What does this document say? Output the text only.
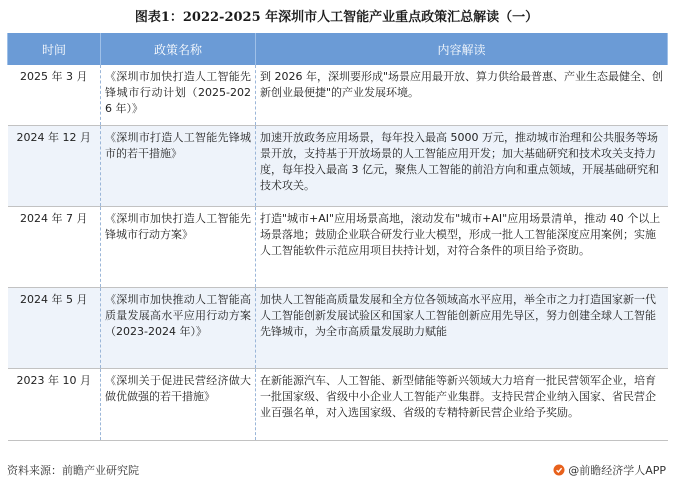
图表1：2022-2025 年深圳市人工智能产业重点政策汇总解读（一）
时间	政策名称	内容解读
2025 年 3 月	《深圳市加快打造人工智能先锋城市行动计划（2025-2026 年）》	到 2026 年，深圳要形成"场景应用最开放、算力供给最普惠、产业生态最健全、创新创业最便捷"的产业发展环境。
2024 年 12 月	《深圳市打造人工智能先锋城市的若干措施》	加速开放政务应用场景，每年投入最高 5000 万元，推动城市治理和公共服务等场景开放，支持基于开放场景的人工智能应用开发；加大基础研究和技术攻关支持力度，每年投入最高 3 亿元，聚焦人工智能的前沿方向和重点领域，开展基础研究和技术攻关。
2024 年 7 月	《深圳市加快打造人工智能先锋城市行动方案》	打造"城市+AI"应用场景高地，滚动发布"城市+AI"应用场景清单，推动 40 个以上场景落地；鼓励企业联合研发行业大模型，形成一批人工智能深度应用案例；实施人工智能软件示范应用项目扶持计划，对符合条件的项目给予资助。
2024 年 5 月	《深圳市加快推动人工智能高质量发展高水平应用行动方案（2023-2024 年）》	加快人工智能高质量发展和全方位各领域高水平应用，举全市之力打造国家新一代人工智能创新发展试验区和国家人工智能创新应用先导区，努力创建全球人工智能先锋城市，为全市高质量发展助力赋能
2023 年 10 月	《深圳关于促进民营经济做大做优做强的若干措施》	在新能源汽车、人工智能、新型储能等新兴领域大力培育一批民营领军企业，培育一批国家级、省级中小企业人工智能产业集群。支持民营企业纳入国家、省民营企业百强名单，对入选国家级、省级的专精特新民营企业给予奖励。
资料来源：前瞻产业研究院	@前瞻经济学人APP
